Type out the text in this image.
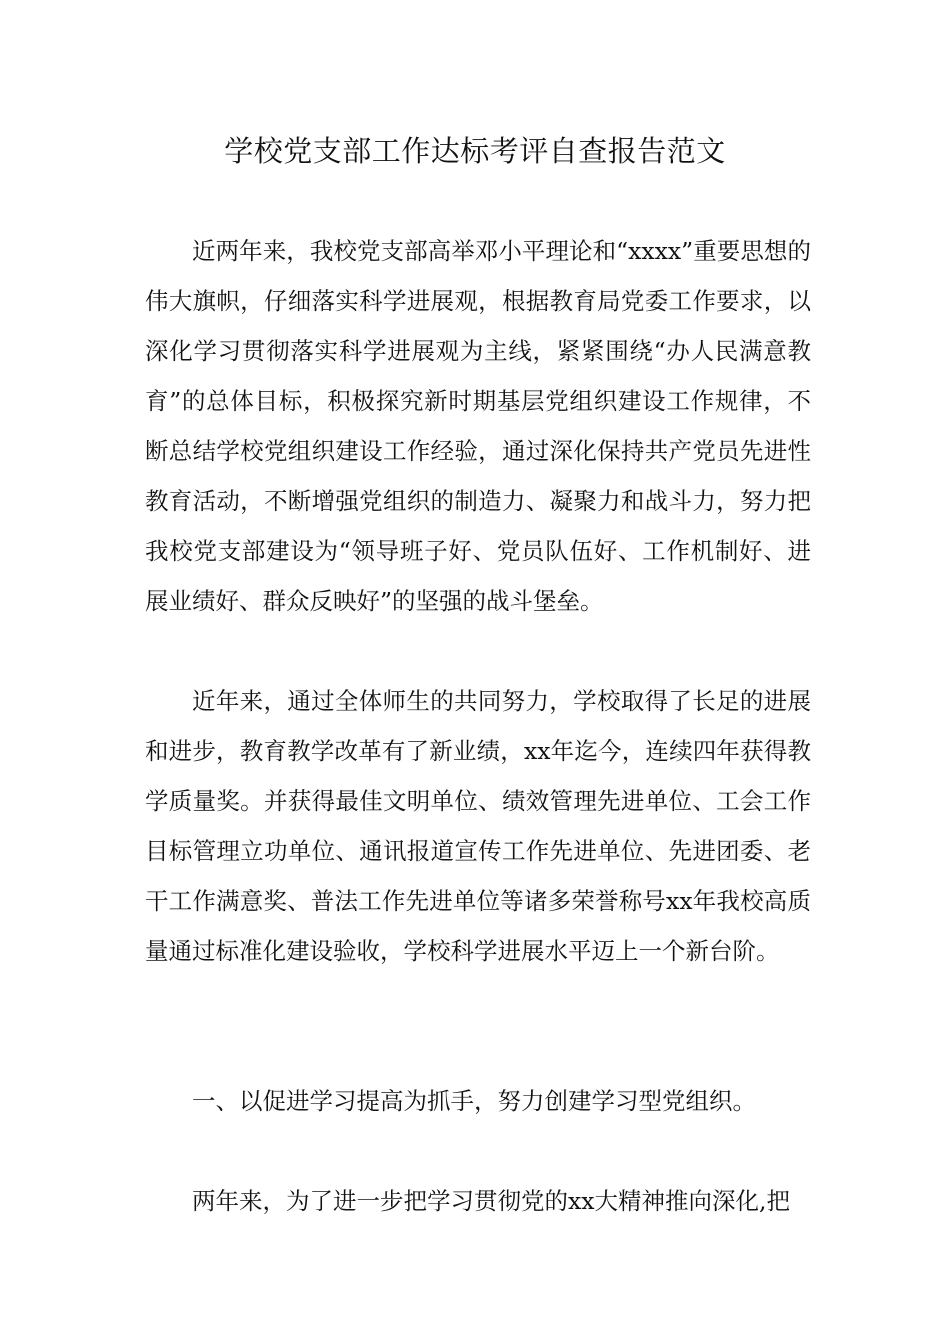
学校党支部工作达标考评自查报告范文

近两年来，我校党支部高举邓小平理论和“xxxx”重要思想的伟大旗帜，仔细落实科学进展观，根据教育局党委工作要求，以深化学习贯彻落实科学进展观为主线，紧紧围绕“办人民满意教育”的总体目标，积极探究新时期基层党组织建设工作规律，不断总结学校党组织建设工作经验，通过深化保持共产党员先进性教育活动，不断增强党组织的制造力、凝聚力和战斗力，努力把我校党支部建设为“领导班子好、党员队伍好、工作机制好、进展业绩好、群众反映好”的坚强的战斗堡垒。

近年来，通过全体师生的共同努力，学校取得了长足的进展和进步，教育教学改革有了新业绩，xx年迄今，连续四年获得教学质量奖。并获得最佳文明单位、绩效管理先进单位、工会工作目标管理立功单位、通讯报道宣传工作先进单位、先进团委、老干工作满意奖、普法工作先进单位等诸多荣誉称号xx年我校高质量通过标准化建设验收，学校科学进展水平迈上一个新台阶。

一、以促进学习提高为抓手，努力创建学习型党组织。

两年来，为了进一步把学习贯彻党的xx大精神推向深化,把
